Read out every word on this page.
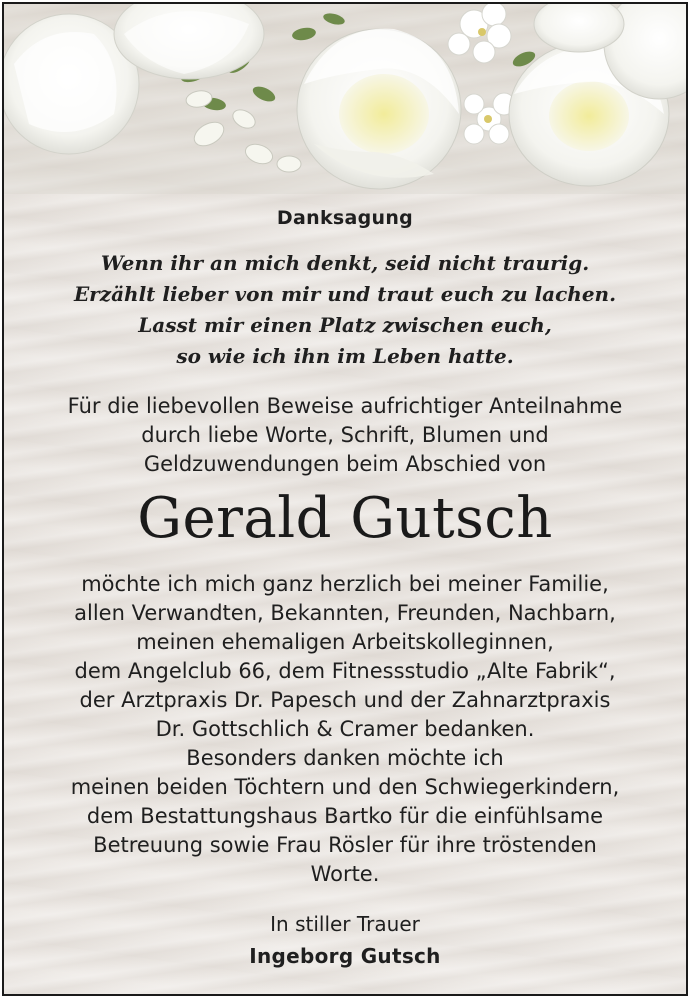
Danksagung
Wenn ihr an mich denkt, seid nicht traurig.
Erzählt lieber von mir und traut euch zu lachen.
Lasst mir einen Platz zwischen euch,
so wie ich ihn im Leben hatte.
Für die liebevollen Beweise aufrichtiger Anteilnahme
durch liebe Worte, Schrift, Blumen und
Geldzuwendungen beim Abschied von
Gerald Gutsch
möchte ich mich ganz herzlich bei meiner Familie,
allen Verwandten, Bekannten, Freunden, Nachbarn,
meinen ehemaligen Arbeitskolleginnen,
dem Angelclub 66, dem Fitnessstudio „Alte Fabrik“,
der Arztpraxis Dr. Papesch und der Zahnarztpraxis
Dr. Gottschlich & Cramer bedanken.
Besonders danken möchte ich
meinen beiden Töchtern und den Schwiegerkindern,
dem Bestattungshaus Bartko für die einfühlsame
Betreuung sowie Frau Rösler für ihre tröstenden
Worte.
In stiller Trauer
Ingeborg Gutsch
